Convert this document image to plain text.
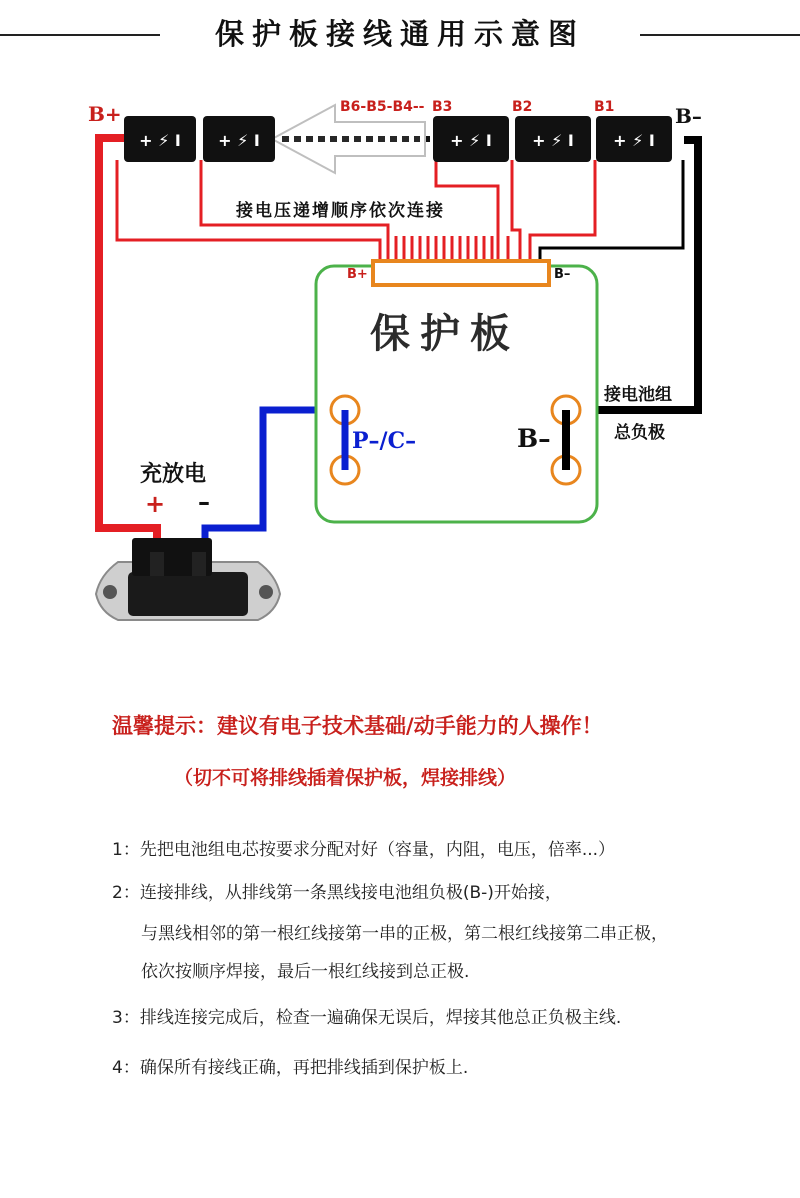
保护板接线通用示意图
+ ⚡ I + ⚡ I	+ ⚡ I	+ ⚡ I + ⚡ I
B+	B–
B6-B5-B4-- B3	B2	B1
接电压递增顺序依次连接
B+	B–
保护板
P–/C–	B–
接电池组
总负极
充放电
+ –
温馨提示：建议有电子技术基础/动手能力的人操作！
（切不可将排线插着保护板，焊接排线）
1：先把电池组电芯按要求分配对好（容量，内阻，电压，倍率...）
2：连接排线，从排线第一条黑线接电池组负极(B-)开始接，
与黑线相邻的第一根红线接第一串的正极，第二根红线接第二串正极，
依次按顺序焊接，最后一根红线接到总正极.
3：排线连接完成后，检查一遍确保无误后，焊接其他总正负极主线.
4：确保所有接线正确，再把排线插到保护板上.
